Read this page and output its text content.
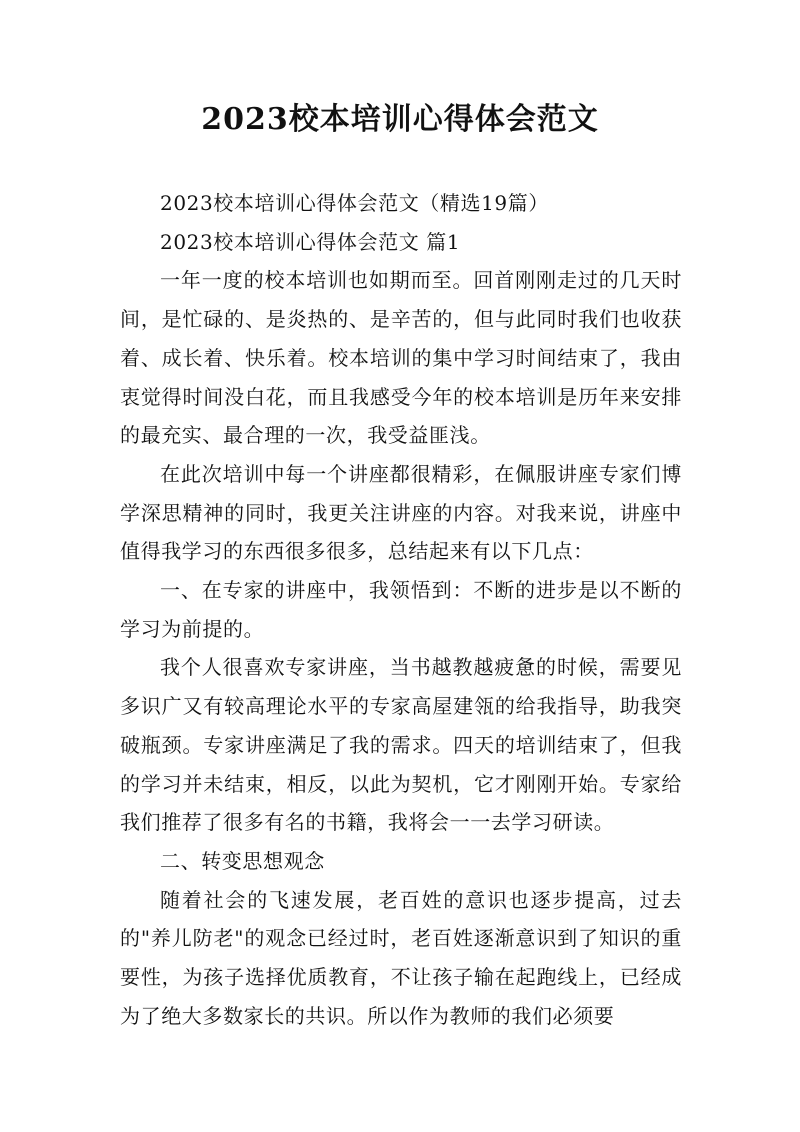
2023校本培训心得体会范文

2023校本培训心得体会范文（精选19篇）

2023校本培训心得体会范文 篇1

一年一度的校本培训也如期而至。回首刚刚走过的几天时间，是忙碌的、是炎热的、是辛苦的，但与此同时我们也收获着、成长着、快乐着。校本培训的集中学习时间结束了，我由衷觉得时间没白花，而且我感受今年的校本培训是历年来安排的最充实、最合理的一次，我受益匪浅。

在此次培训中每一个讲座都很精彩，在佩服讲座专家们博学深思精神的同时，我更关注讲座的内容。对我来说，讲座中值得我学习的东西很多很多，总结起来有以下几点：

一、在专家的讲座中，我领悟到：不断的进步是以不断的学习为前提的。

我个人很喜欢专家讲座，当书越教越疲惫的时候，需要见多识广又有较高理论水平的专家高屋建瓴的给我指导，助我突破瓶颈。专家讲座满足了我的需求。四天的培训结束了，但我的学习并未结束，相反，以此为契机，它才刚刚开始。专家给我们推荐了很多有名的书籍，我将会一一去学习研读。

二、转变思想观念

随着社会的飞速发展，老百姓的意识也逐步提高，过去的"养儿防老"的观念已经过时，老百姓逐渐意识到了知识的重要性，为孩子选择优质教育，不让孩子输在起跑线上，已经成为了绝大多数家长的共识。所以作为教师的我们必须要
